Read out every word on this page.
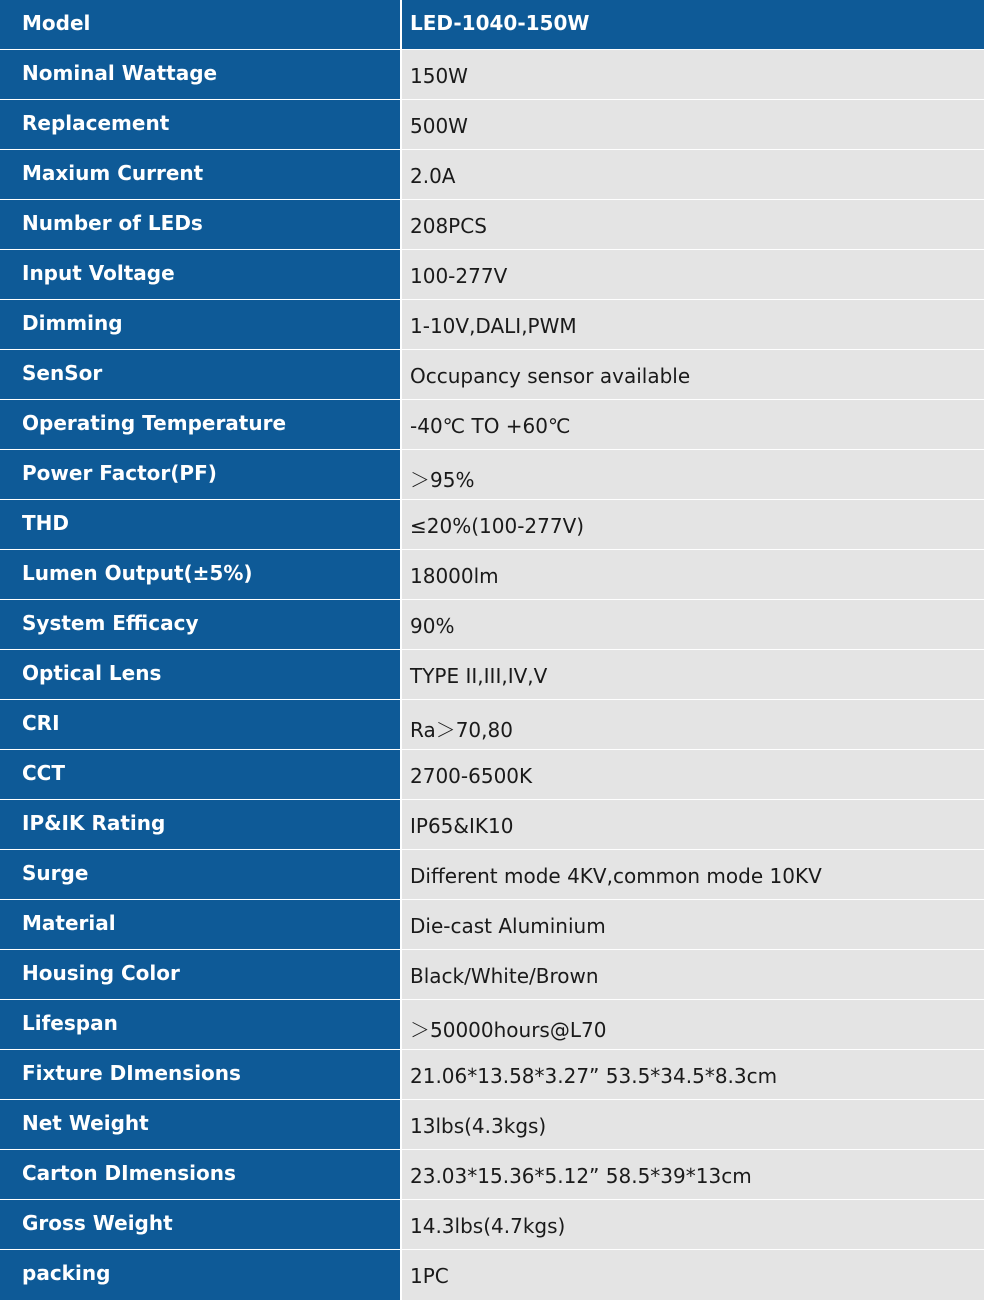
Model	LED-1040-150W
Nominal Wattage	150W
Replacement	500W
Maxium Current	2.0A
Number of LEDs	208PCS
Input Voltage	100-277V
Dimming	1-10V,DALI,PWM
SenSor	Occupancy sensor available
Operating Temperature	-40℃ TO +60℃
Power Factor(PF)	＞95%
THD	≤20%(100-277V)
Lumen Output(±5%)	18000lm
System Efficacy	90%
Optical Lens	TYPE II,III,IV,V
CRI	Ra＞70,80
CCT	2700-6500K
IP&IK Rating	IP65&IK10
Surge	Different mode 4KV,common mode 10KV
Material	Die-cast Aluminium
Housing Color	Black/White/Brown
Lifespan	＞50000hours@L70
Fixture DImensions	21.06*13.58*3.27” 53.5*34.5*8.3cm
Net Weight	13lbs(4.3kgs)
Carton DImensions	23.03*15.36*5.12” 58.5*39*13cm
Gross Weight	14.3lbs(4.7kgs)
packing	1PC
